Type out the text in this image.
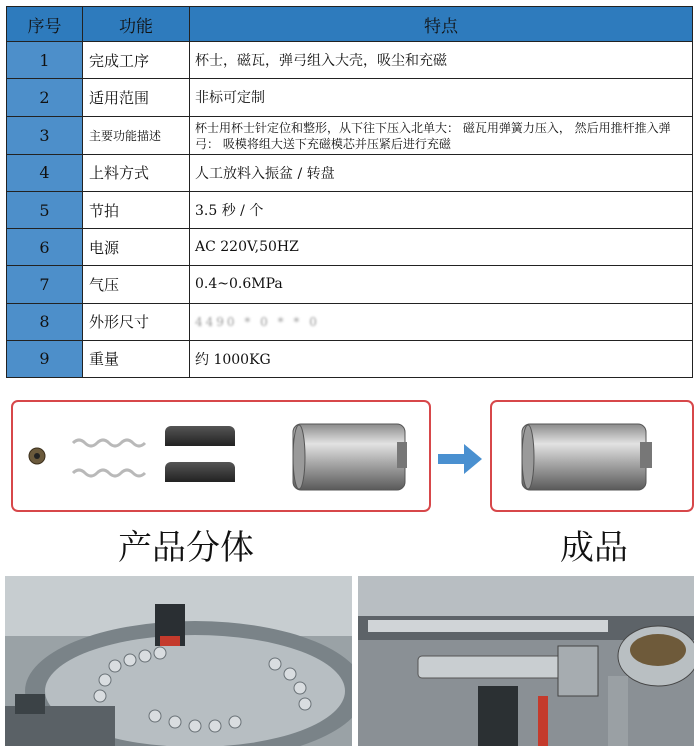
序号	功能	特点
1	完成工序	杯士，磁瓦，弹弓组入大壳，吸尘和充磁
2	适用范围	非标可定制
3	主要功能描述	杯士用杯士针定位和整形，从下往下压入北单大： 磁瓦用弹簧力压入， 然后用推杆推入弹弓： 吸模将组大送下充磁模芯并压紧后进行充磁
4	上料方式	人工放料入振盆 / 转盘
5	节拍	3.5 秒 / 个
6	电源	AC 220V,50HZ
7	气压	0.4~0.6MPa
8	外形尺寸	4490 * 0 * * 0
9	重量	约 1000KG
产品分体	成品
